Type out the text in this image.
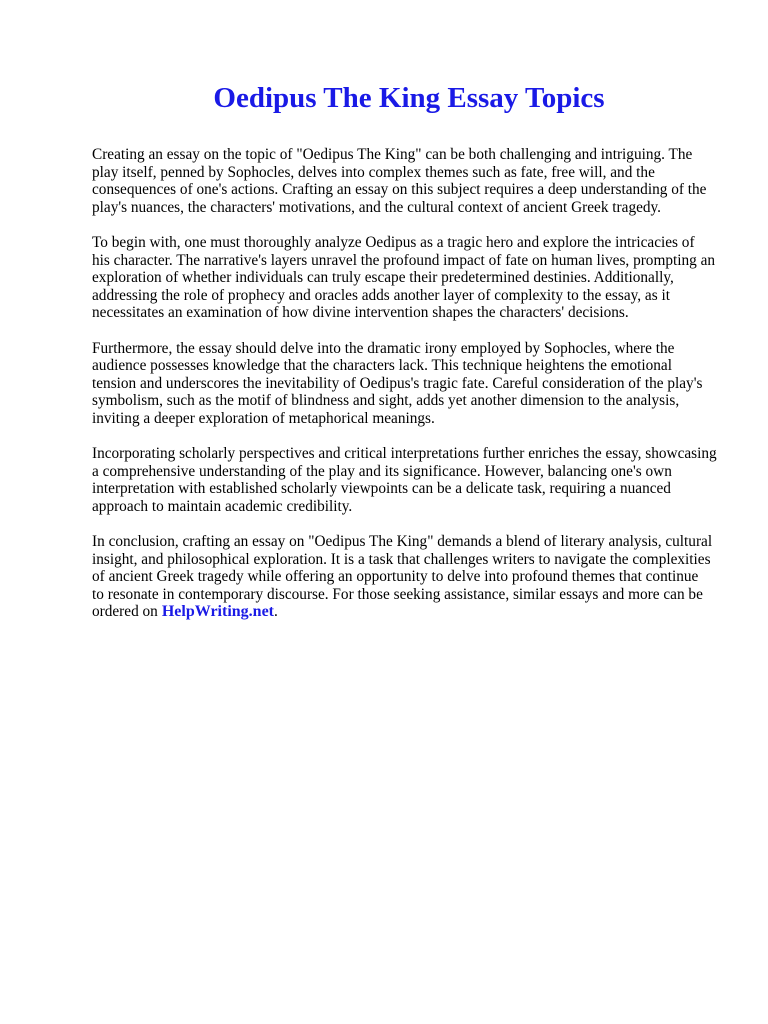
Oedipus The King Essay Topics

Creating an essay on the topic of "Oedipus The King" can be both challenging and intriguing. The
play itself, penned by Sophocles, delves into complex themes such as fate, free will, and the
consequences of one's actions. Crafting an essay on this subject requires a deep understanding of the
play's nuances, the characters' motivations, and the cultural context of ancient Greek tragedy.

To begin with, one must thoroughly analyze Oedipus as a tragic hero and explore the intricacies of
his character. The narrative's layers unravel the profound impact of fate on human lives, prompting an
exploration of whether individuals can truly escape their predetermined destinies. Additionally,
addressing the role of prophecy and oracles adds another layer of complexity to the essay, as it
necessitates an examination of how divine intervention shapes the characters' decisions.

Furthermore, the essay should delve into the dramatic irony employed by Sophocles, where the
audience possesses knowledge that the characters lack. This technique heightens the emotional
tension and underscores the inevitability of Oedipus's tragic fate. Careful consideration of the play's
symbolism, such as the motif of blindness and sight, adds yet another dimension to the analysis,
inviting a deeper exploration of metaphorical meanings.

Incorporating scholarly perspectives and critical interpretations further enriches the essay, showcasing
a comprehensive understanding of the play and its significance. However, balancing one's own
interpretation with established scholarly viewpoints can be a delicate task, requiring a nuanced
approach to maintain academic credibility.

In conclusion, crafting an essay on "Oedipus The King" demands a blend of literary analysis, cultural
insight, and philosophical exploration. It is a task that challenges writers to navigate the complexities
of ancient Greek tragedy while offering an opportunity to delve into profound themes that continue
to resonate in contemporary discourse. For those seeking assistance, similar essays and more can be
ordered on HelpWriting.net.
